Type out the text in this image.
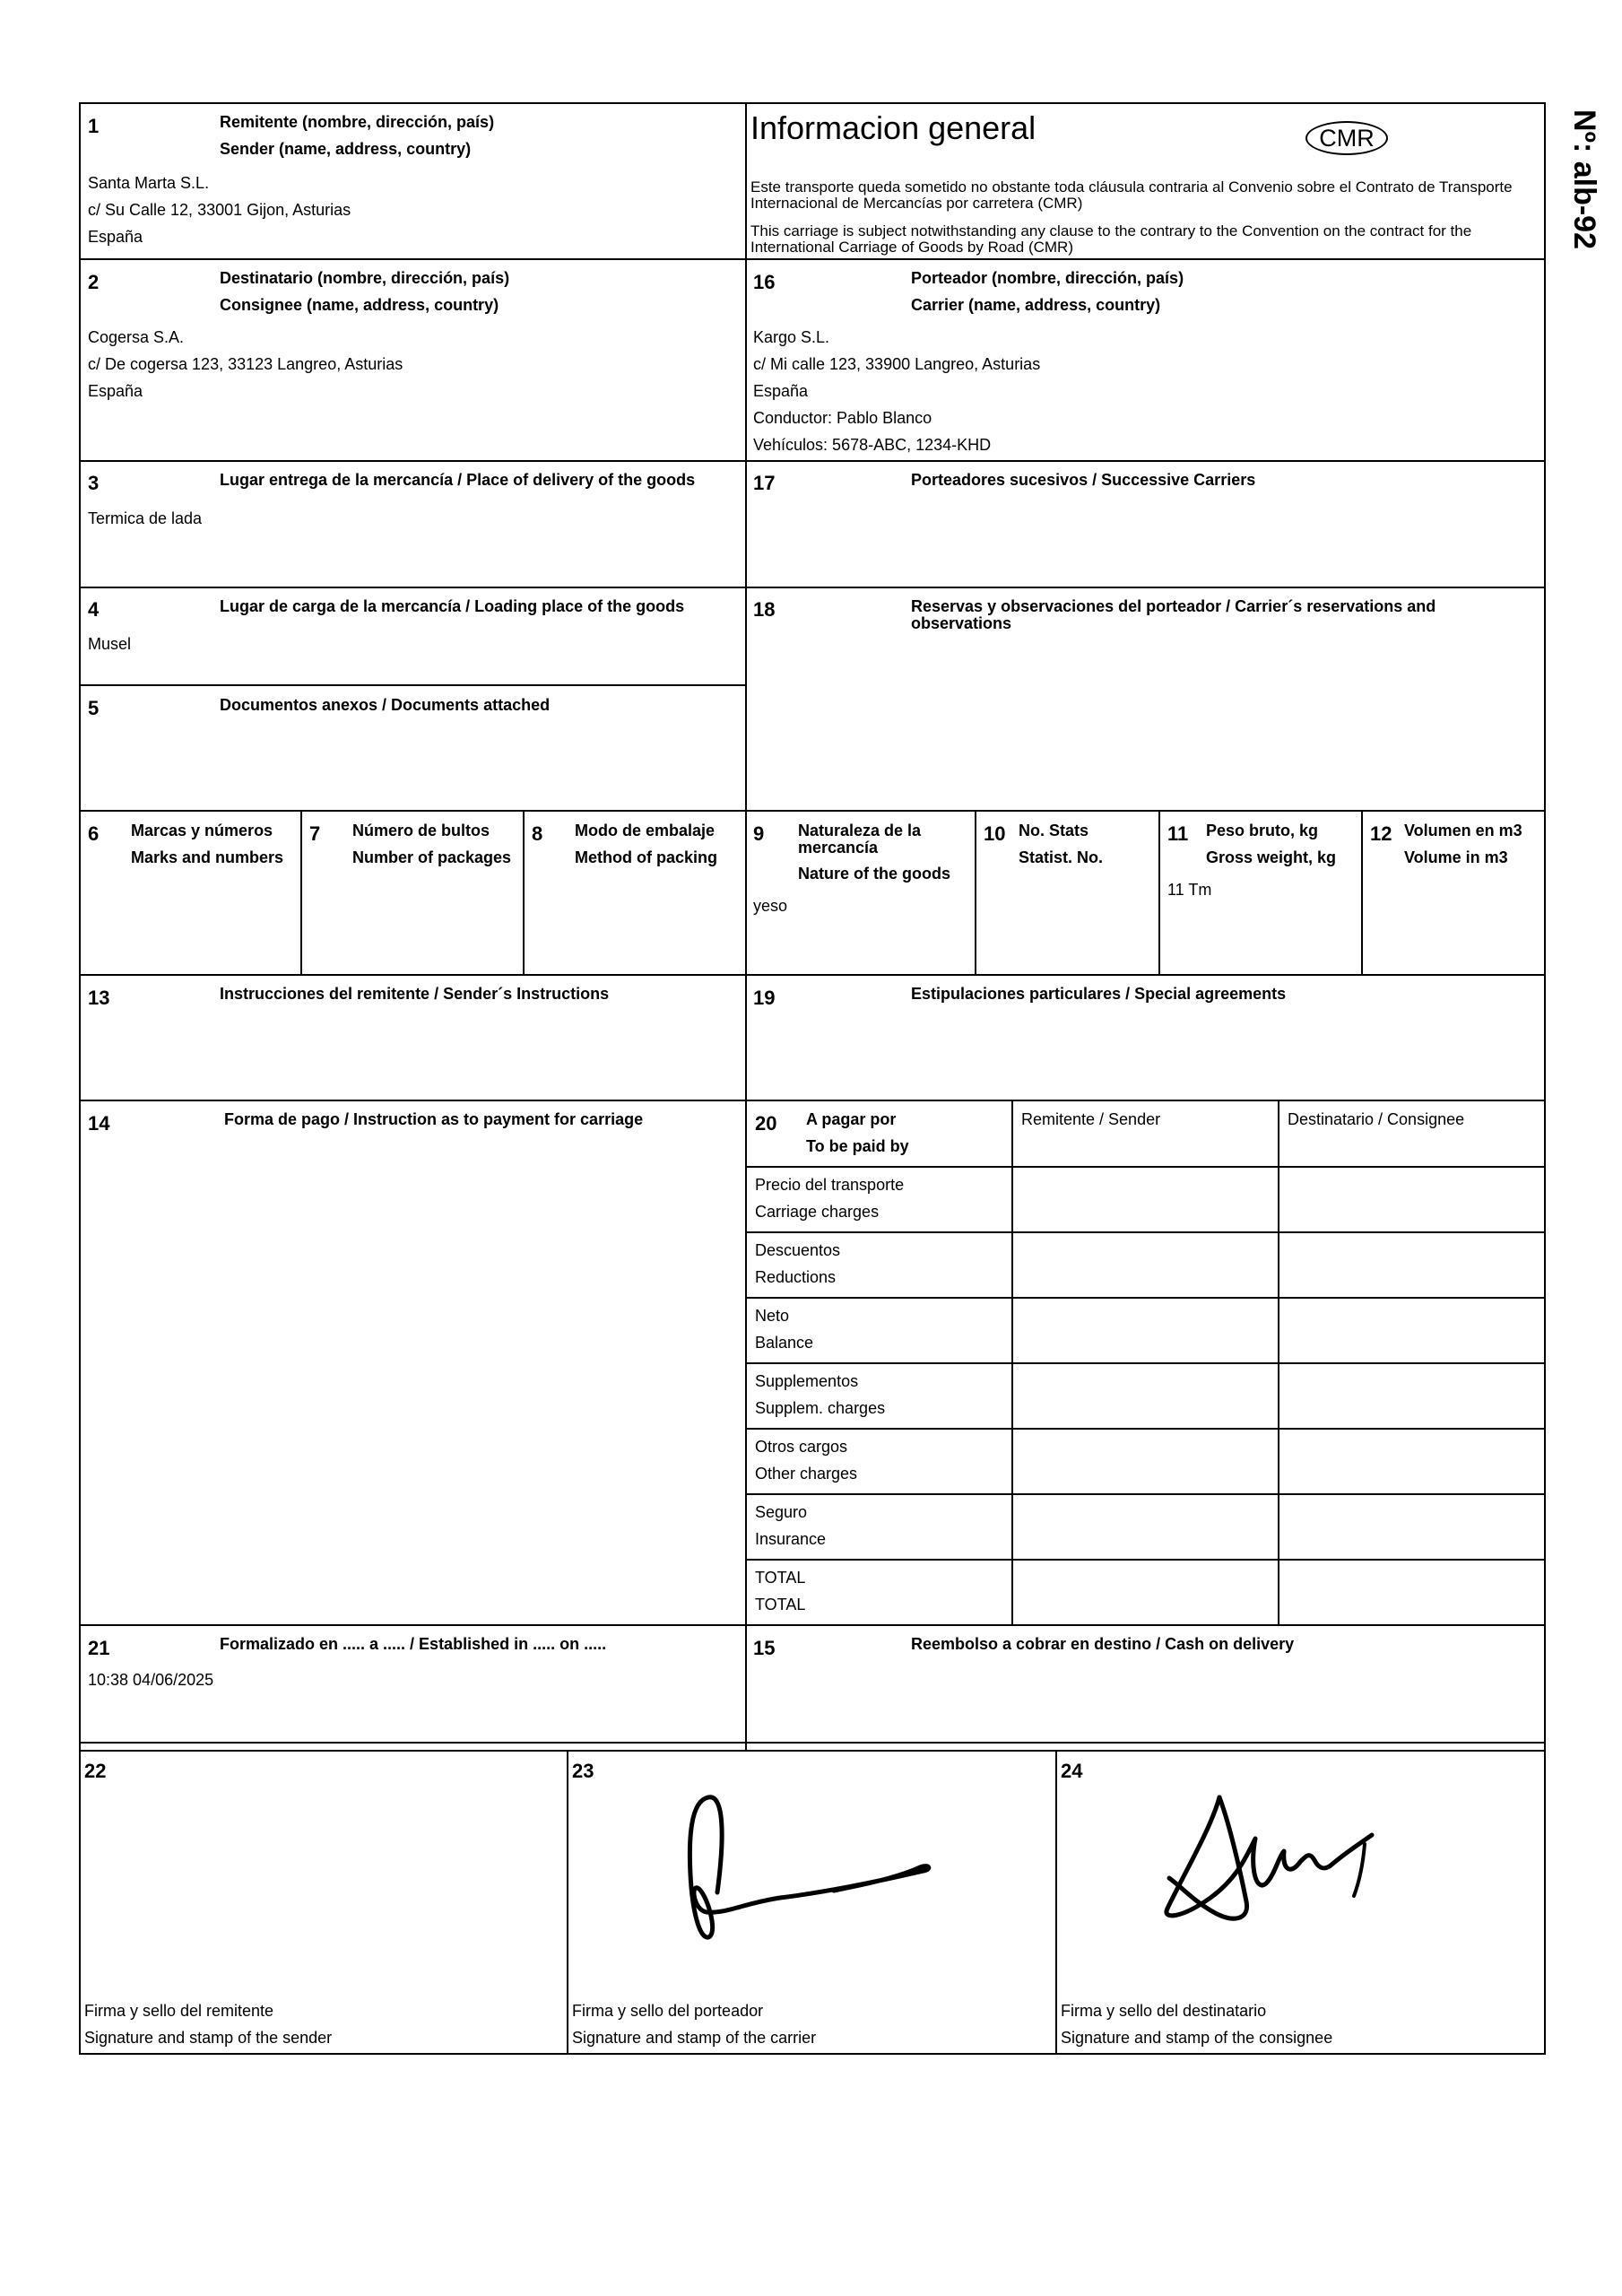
Nº: alb-92
1	Remitente (nombre, dirección, país)
Sender (name, address, country)
Santa Marta S.L.
c/ Su Calle 12, 33001 Gijon, Asturias
España
Informacion general	CMR
Este transporte queda sometido no obstante toda cláusula contraria al Convenio sobre el Contrato de Transporte Internacional de Mercancías por carretera (CMR)
This carriage is subject notwithstanding any clause to the contrary to the Convention on the contract for the International Carriage of Goods by Road (CMR)
2	Destinatario (nombre, dirección, país)
Consignee (name, address, country)
Cogersa S.A.
c/ De cogersa 123, 33123 Langreo, Asturias
España
16	Porteador (nombre, dirección, país)
Carrier (name, address, country)
Kargo S.L.
c/ Mi calle 123, 33900 Langreo, Asturias
España
Conductor: Pablo Blanco
Vehículos: 5678-ABC, 1234-KHD
3	Lugar entrega de la mercancía / Place of delivery of the goods
Termica de lada
17	Porteadores sucesivos / Successive Carriers
4	Lugar de carga de la mercancía / Loading place of the goods
Musel
18	Reservas y observaciones del porteador / Carrier´s reservations and observations
5	Documentos anexos / Documents attached
6 Marcas y números
Marks and numbers
7 Número de bultos
Number of packages
8 Modo de embalaje
Method of packing
9 Naturaleza de la mercancía
Nature of the goods
yeso
10 No. Stats
Statist. No.
11 Peso bruto, kg
Gross weight, kg
11 Tm
12 Volumen en m3
Volume in m3
13	Instrucciones del remitente / Sender´s Instructions	19	Estipulaciones particulares / Special agreements
14	Forma de pago / Instruction as to payment for carriage	20 A pagar por
To be paid by
Remitente / Sender	Destinatario / Consignee
Precio del transporte
Carriage charges
Descuentos
Reductions
Neto
Balance
Supplementos
Supplem. charges
Otros cargos
Other charges
Seguro
Insurance
TOTAL
TOTAL
21	Formalizado en ..... a ..... / Established in ..... on .....
10:38 04/06/2025
15	Reembolso a cobrar en destino / Cash on delivery
22
Firma y sello del remitente
Signature and stamp of the sender
23
Firma y sello del porteador
Signature and stamp of the carrier
24
Firma y sello del destinatario
Signature and stamp of the consignee
